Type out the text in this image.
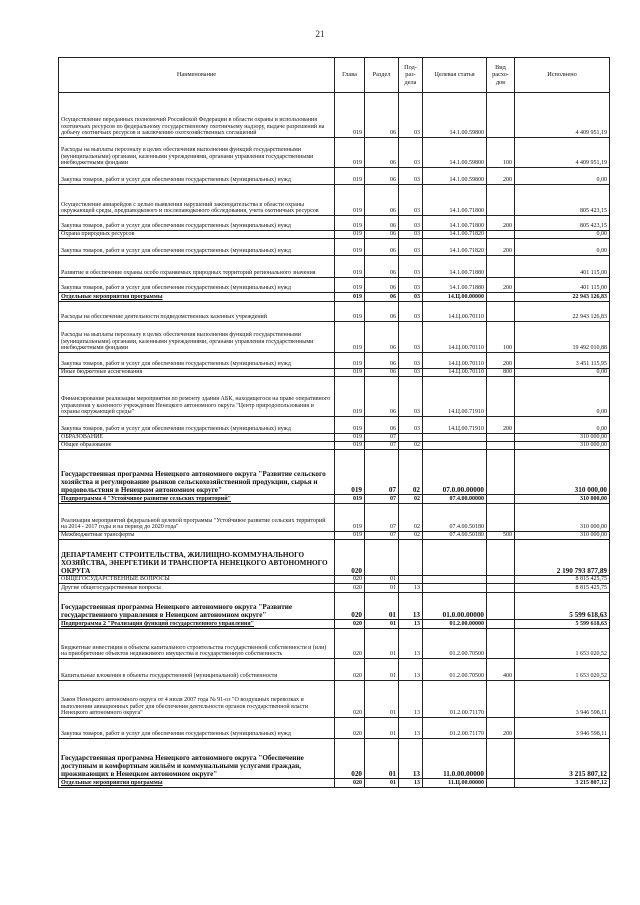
21
Наименование	Глава	Раздел	Под-раз-дела	Целевая статья	Вид расхо-дов	Исполнено
Осуществление переданных полномочий Российской Федерации в области охраны и использования охотничьих ресурсов по федеральному государственному охотничьему надзору, выдаче разрешений на добычу охотничьих ресурсов и заключению охотхозяйственных соглашений	019	06	03	14.1.00.59800		4 409 951,19
Расходы на выплаты персоналу в целях обеспечения выполнения функций государственными (муниципальными) органами, казенными учреждениями, органами управления государственными внебюджетными фондами	019	06	03	14.1.00.59800	100	4 409 951,19
Закупка товаров, работ и услуг для обеспечения государственных (муниципальных) нужд	019	06	03	14.1.00.59800	200	0,00
Осуществление авиарейдов с целью выявления нарушений законодательства в области охраны окружающей среды, предпаводкового и послепаводкового обследования, учета охотничьих ресурсов	019	06	03	14.1.00.71800		805 423,15
Закупка товаров, работ и услуг для обеспечения государственных (муниципальных) нужд	019	06	03	14.1.00.71800	200	805 423,15
Охрана природных ресурсов	019	06	03	14.1.00.71820		0,00
Закупка товаров, работ и услуг для обеспечения государственных (муниципальных) нужд	019	06	03	14.1.00.71820	200	0,00
Развитие и обеспечение охраны особо охраняемых природных территорий регионального значения	019	06	03	14.1.00.71880		401 115,00
Закупка товаров, работ и услуг для обеспечения государственных (муниципальных) нужд	019	06	03	14.1.00.71880	200	401 115,00
Отдельные мероприятия программы	019	06	03	14.Ц.00.00000		22 943 126,83
Расходы на обеспечение деятельности подведомственных казенных учреждений	019	06	03	14.Ц.00.70110		22 943 126,83
Расходы на выплаты персоналу в целях обеспечения выполнения функций государственными (муниципальными) органами, казенными учреждениями, органами управления государственными внебюджетными фондами	019	06	03	14.Ц.00.70110	100	19 492 010,88
Закупка товаров, работ и услуг для обеспечения государственных (муниципальных) нужд	019	06	03	14.Ц.00.70110	200	3 451 115,95
Иные бюджетные ассигнования	019	06	03	14.Ц.00.70110	800	0,00
Финансирование реализации мероприятия по ремонту здания АБК, находящегося на праве оперативного управления у казенного учреждения Ненецкого автономного округа "Центр природопользования и охраны окружающей среды"	019	06	03	14.Ц.00.71910		0,00
Закупка товаров, работ и услуг для обеспечения государственных (муниципальных) нужд	019	06	03	14.Ц.00.71910	200	0,00
ОБРАЗОВАНИЕ	019	07				310 000,00
Общее образование	019	07	02			310 000,00
Государственная программа Ненецкого автономного округа "Развитие сельского хозяйства и регулирование рынков сельскохозяйственной продукции, сырья и продовольствия в Ненецком автономном округе"	019	07	02	07.0.00.00000		310 000,00
Подпрограмма 4 "Устойчивое развитие сельских территорий"	019	07	02	07.4.00.00000		310 000,00
Реализация мероприятий федеральной целевой программы "Устойчивое развитие сельских территорий на 2014 - 2017 годы и на период до 2020 года"	019	07	02	07.4.00.50180		310 000,00
Межбюджетные трансферты	019	07	02	07.4.00.50180	500	310 000,00
ДЕПАРТАМЕНТ СТРОИТЕЛЬСТВА, ЖИЛИЩНО-КОММУНАЛЬНОГО ХОЗЯЙСТВА, ЭНЕРГЕТИКИ И ТРАНСПОРТА НЕНЕЦКОГО АВТОНОМНОГО ОКРУГА	020					2 190 793 877,89
ОБЩЕГОСУДАРСТВЕННЫЕ ВОПРОСЫ	020	01				8 815 425,75
Другие общегосударственные вопросы	020	01	13			8 815 425,75
Государственная программа Ненецкого автономного округа "Развитие государственного управления в Ненецком автономном округе"	020	01	13	01.0.00.00000		5 599 618,63
Подпрограмма 2 "Реализация функций государственного управления"	020	01	13	01.2.00.00000		5 599 618,63
Бюджетные инвестиции в объекты капитального строительства государственной собственности и (или) на приобретение объектов недвижимого имущества в государственную собственность	020	01	13	01.2.00.70500		1 653 020,52
Капитальные вложения в объекты государственной (муниципальной) собственности	020	01	13	01.2.00.70500	400	1 653 020,52
Закон Ненецкого автономного округа от 4 июля 2007 года № 91-оз "О воздушных перевозках и выполнении авиационных работ для обеспечения деятельности органов государственной власти Ненецкого автономного округа"	020	01	13	01.2.00.71170		3 946 598,11
Закупка товаров, работ и услуг для обеспечения государственных (муниципальных) нужд	020	01	13	01.2.00.71170	200	3 946 598,11
Государственная программа Ненецкого автономного округа "Обеспечение доступным и комфортным жильём и коммунальными услугами граждан, проживающих в Ненецком автономном округе"	020	01	13	11.0.00.00000		3 215 807,12
Отдельные мероприятия программы	020	01	13	11.Ц.00.00000		3 215 807,12
